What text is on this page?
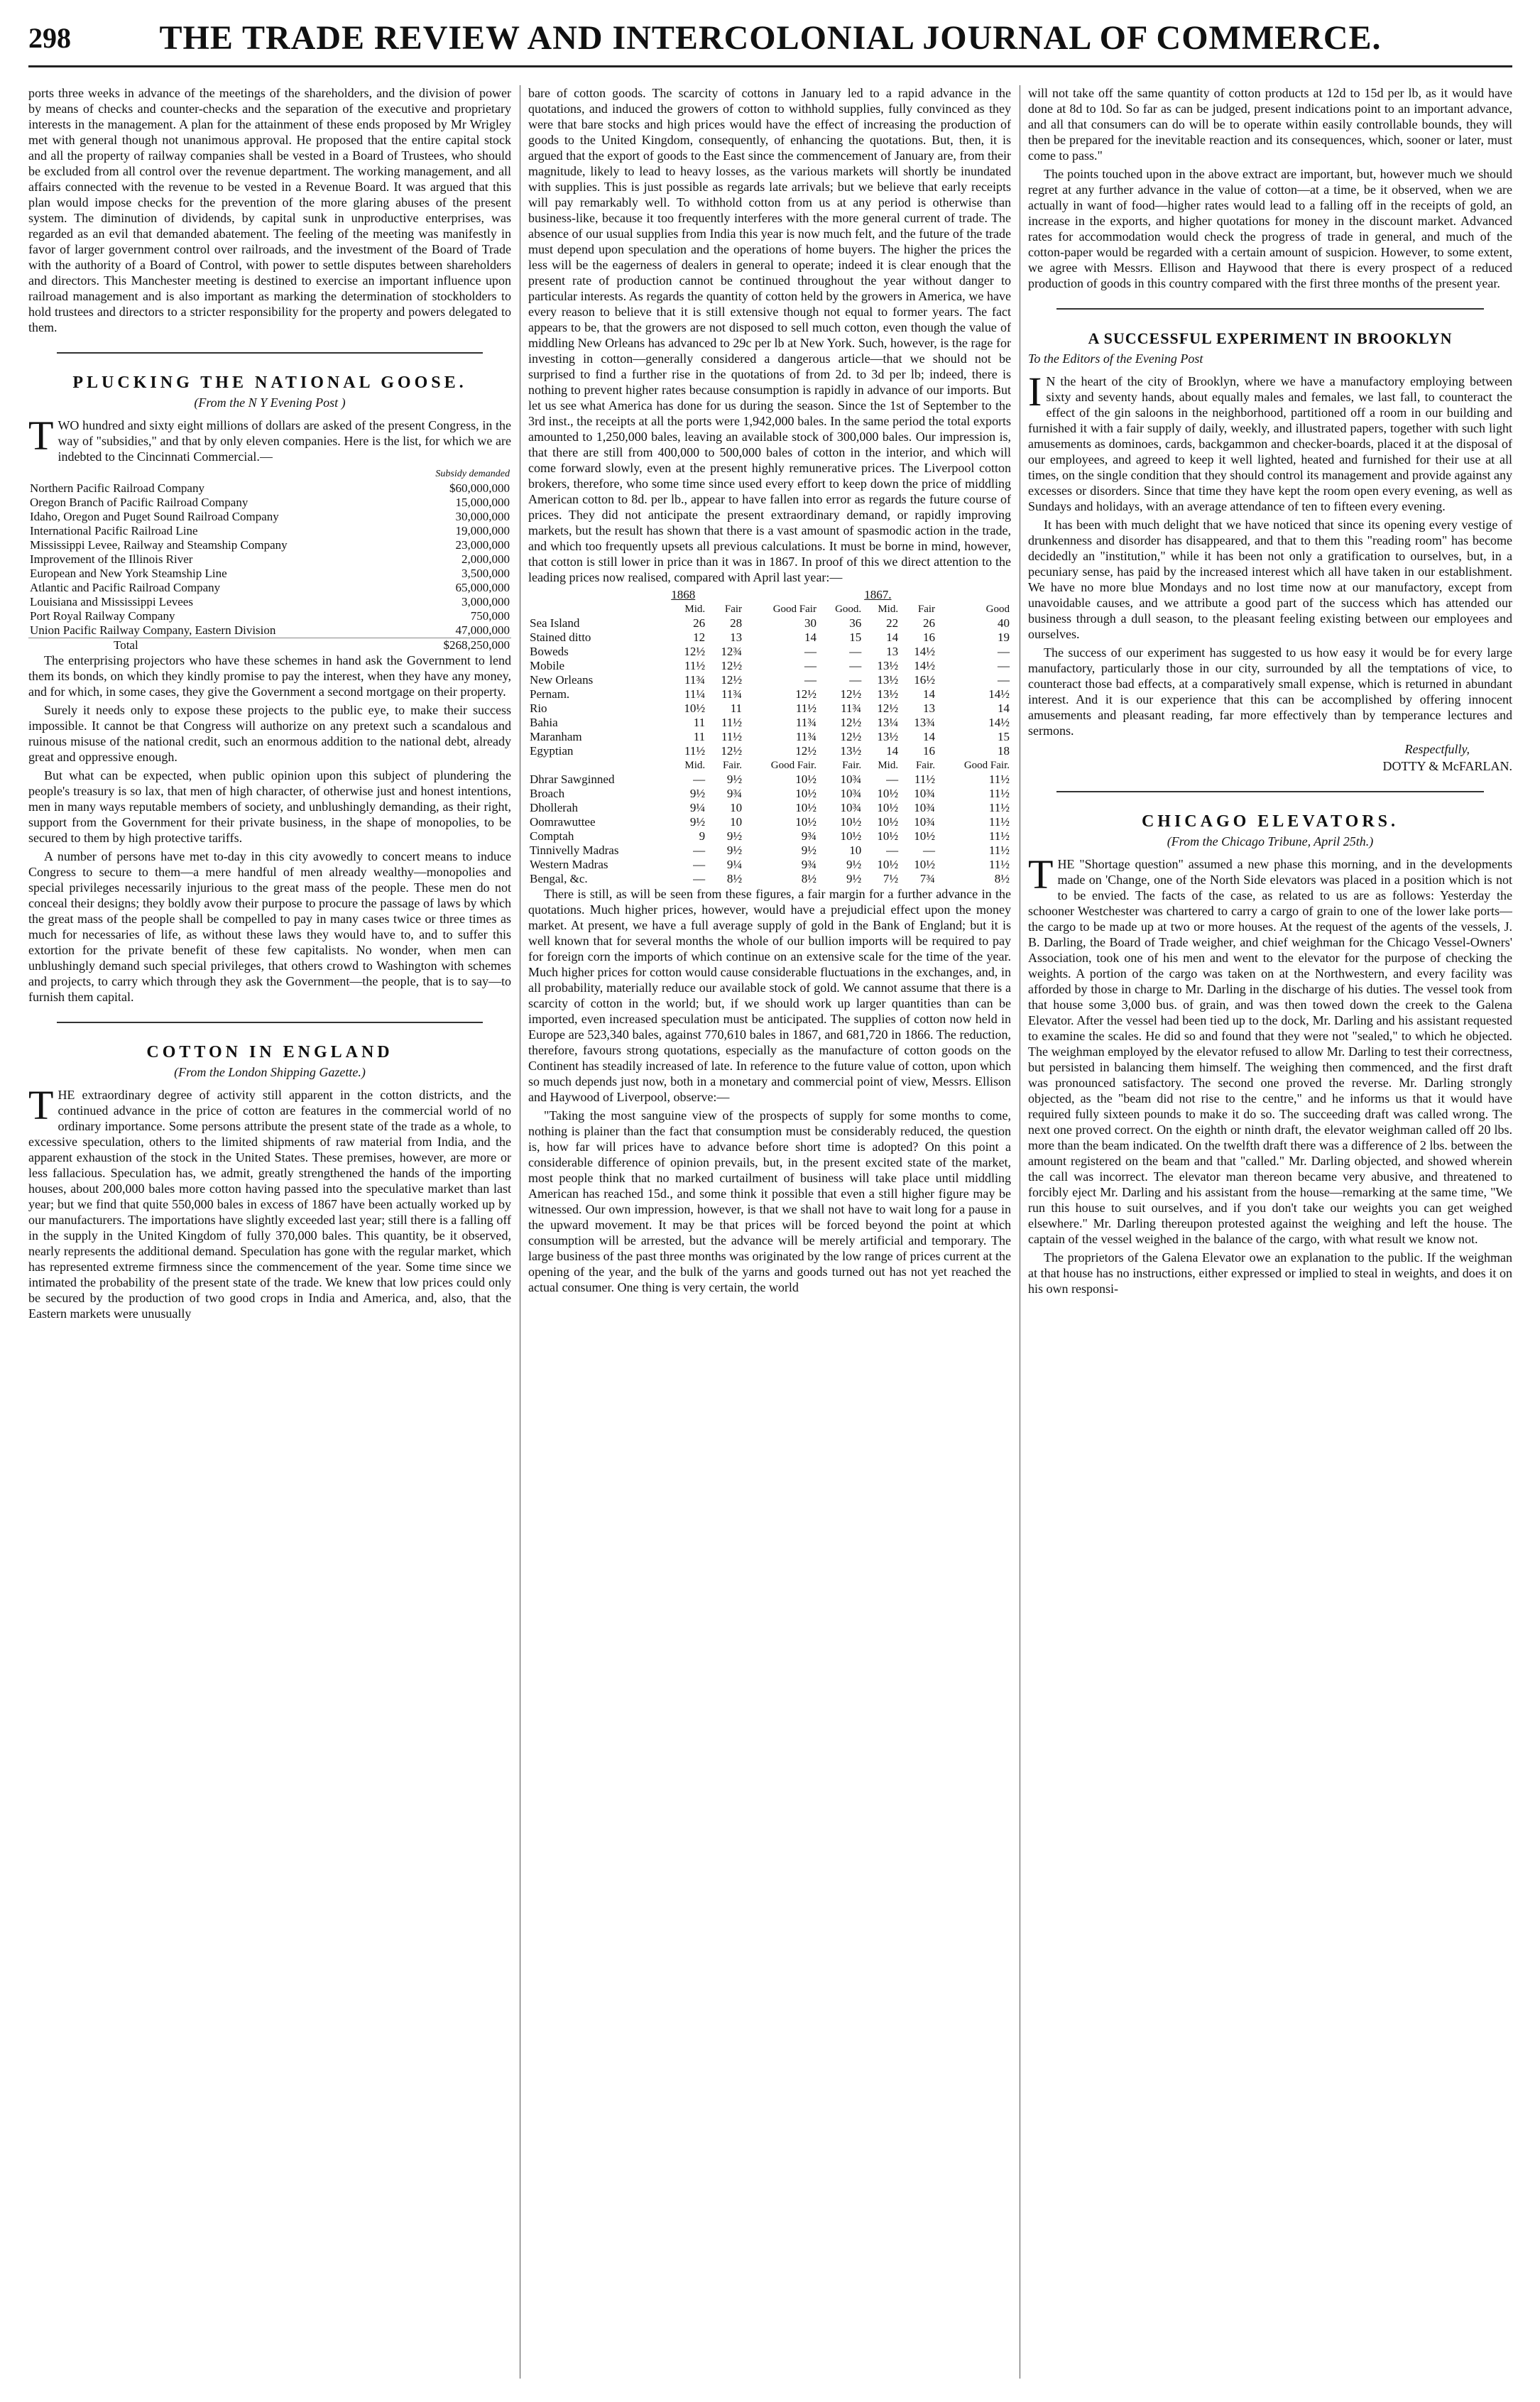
298	THE TRADE REVIEW AND INTERCOLONIAL JOURNAL OF COMMERCE.

ports three weeks in advance of the meetings of the shareholders, and the division of power by means of checks and counter-checks and the separation of the executive and proprietary interests in the management. A plan for the attainment of these ends proposed by Mr Wrigley met with general though not unanimous approval. He proposed that the entire capital stock and all the property of railway companies shall be vested in a Board of Trustees, who should be excluded from all control over the revenue department. The working management, and all affairs connected with the revenue to be vested in a Revenue Board. It was argued that this plan would impose checks for the prevention of the more glaring abuses of the present system. The diminution of dividends, by capital sunk in unproductive enterprises, was regarded as an evil that demanded abatement. The feeling of the meeting was manifestly in favor of larger government control over railroads, and the investment of the Board of Trade with the authority of a Board of Control, with power to settle disputes between shareholders and directors. This Manchester meeting is destined to exercise an important influence upon railroad management and is also important as marking the determination of stockholders to hold trustees and directors to a stricter responsibility for the property and powers delegated to them.

PLUCKING THE NATIONAL GOOSE.
(From the N Y Evening Post )

TWO hundred and sixty eight millions of dollars are asked of the present Congress, in the way of "subsidies," and that by only eleven companies. Here is the list, for which we are indebted to the Cincinnati Commercial.—

	Subsidy demanded
Northern Pacific Railroad Company	$60,000,000
Oregon Branch of Pacific Railroad Company	15,000,000
Idaho, Oregon and Puget Sound Railroad Company	30,000,000
International Pacific Railroad Line	19,000,000
Mississippi Levee, Railway and Steamship Company	23,000,000
Improvement of the Illinois River	2,000,000
European and New York Steamship Line	3,500,000
Atlantic and Pacific Railroad Company	65,000,000
Louisiana and Mississippi Levees	3,000,000
Port Royal Railway Company	750,000
Union Pacific Railway Company, Eastern Division	47,000,000
Total	$268,250,000

The enterprising projectors who have these schemes in hand ask the Government to lend them its bonds, on which they kindly promise to pay the interest, when they have any money, and for which, in some cases, they give the Government a second mortgage on their property.

Surely it needs only to expose these projects to the public eye, to make their success impossible. It cannot be that Congress will authorize on any pretext such a scandalous and ruinous misuse of the national credit, such an enormous addition to the national debt, already great and oppressive enough.

But what can be expected, when public opinion upon this subject of plundering the people's treasury is so lax, that men of high character, of otherwise just and honest intentions, men in many ways reputable members of society, and unblushingly demanding, as their right, support from the Government for their private business, in the shape of monopolies, to be secured to them by high protective tariffs.

A number of persons have met to-day in this city avowedly to concert means to induce Congress to secure to them—a mere handful of men already wealthy—monopolies and special privileges necessarily injurious to the great mass of the people. These men do not conceal their designs; they boldly avow their purpose to procure the passage of laws by which the great mass of the people shall be compelled to pay in many cases twice or three times as much for necessaries of life, as without these laws they would have to, and to suffer this extortion for the private benefit of these few capitalists. No wonder, when men can unblushingly demand such special privileges, that others crowd to Washington with schemes and projects, to carry which through they ask the Government—the people, that is to say—to furnish them capital.

COTTON IN ENGLAND
(From the London Shipping Gazette.)

THE extraordinary degree of activity still apparent in the cotton districts, and the continued advance in the price of cotton are features in the commercial world of no ordinary importance. Some persons attribute the present state of the trade as a whole, to excessive speculation, others to the limited shipments of raw material from India, and the apparent exhaustion of the stock in the United States. These premises, however, are more or less fallacious. Speculation has, we admit, greatly strengthened the hands of the importing houses, about 200,000 bales more cotton having passed into the speculative market than last year; but we find that quite 550,000 bales in excess of 1867 have been actually worked up by our manufacturers. The importations have slightly exceeded last year; still there is a falling off in the supply in the United Kingdom of fully 370,000 bales. This quantity, be it observed, nearly represents the additional demand. Speculation has gone with the regular market, which has represented extreme firmness since the commencement of the year. Some time since we intimated the probability of the present state of the trade. We knew that low prices could only be secured by the production of two good crops in India and America, and, also, that the Eastern markets were unusually

bare of cotton goods. The scarcity of cottons in January led to a rapid advance in the quotations, and induced the growers of cotton to withhold supplies, fully convinced as they were that bare stocks and high prices would have the effect of increasing the production of goods to the United Kingdom, consequently, of enhancing the quotations. But, then, it is argued that the export of goods to the East since the commencement of January are, from their magnitude, likely to lead to heavy losses, as the various markets will shortly be inundated with supplies. This is just possible as regards late arrivals; but we believe that early receipts will pay remarkably well. To withhold cotton from us at any period is otherwise than business-like, because it too frequently interferes with the more general current of trade. The absence of our usual supplies from India this year is now much felt, and the future of the trade must depend upon speculation and the operations of home buyers. The higher the prices the less will be the eagerness of dealers in general to operate; indeed it is clear enough that the present rate of production cannot be continued throughout the year without danger to particular interests. As regards the quantity of cotton held by the growers in America, we have every reason to believe that it is still extensive though not equal to former years. The fact appears to be, that the growers are not disposed to sell much cotton, even though the value of middling New Orleans has advanced to 29c per lb at New York. Such, however, is the rage for investing in cotton—generally considered a dangerous article—that we should not be surprised to find a further rise in the quotations of from 2d. to 3d per lb; indeed, there is nothing to prevent higher rates because consumption is rapidly in advance of our imports. But let us see what America has done for us during the season. Since the 1st of September to the 3rd inst., the receipts at all the ports were 1,942,000 bales. In the same period the total exports amounted to 1,250,000 bales, leaving an available stock of 300,000 bales. Our impression is, that there are still from 400,000 to 500,000 bales of cotton in the interior, and which will come forward slowly, even at the present highly remunerative prices. The Liverpool cotton brokers, therefore, who some time since used every effort to keep down the price of middling American cotton to 8d. per lb., appear to have fallen into error as regards the future course of prices. They did not anticipate the present extraordinary demand, or rapidly improving markets, but the result has shown that there is a vast amount of spasmodic action in the trade, and which too frequently upsets all previous calculations. It must be borne in mind, however, that cotton is still lower in price than it was in 1867. In proof of this we direct attention to the leading prices now realised, compared with April last year:—

	1868				1867.		
	Mid.	Fair	Good Fair	Good.	Mid.	Fair	Good
Sea Island	26	28	30	36	22	26	40
Stained ditto	12	13	14	15	14	16	19
Boweds	12½	12¾	—	—	13	14½	—
Mobile	11½	12½	—	—	13½	14½	—
New Orleans	11¾	12½	—	—	13½	16½	—
Pernam.	11¼	11¾	12½	12½	13½	14	14½
Rio	10½	11	11½	11¾	12½	13	14
Bahia	11	11½	11¾	12½	13¼	13¾	14½
Maranham	11	11½	11¾	12½	13½	14	15
Egyptian	11½	12½	12½	13½	14	16	18
	Mid.	Fair.	Good Fair.	Fair.	Mid.	Fair.	Good Fair.
Dhrar Sawginned	—	9½	10½	10¾	—	11½	11½
Broach	9½	9¾	10½	10¾	10½	10¾	11½
Dhollerah	9¼	10	10½	10¾	10½	10¾	11½
Oomrawuttee	9½	10	10½	10½	10½	10¾	11½
Comptah	9	9½	9¾	10½	10½	10½	11½
Tinnivelly Madras	—	9½	9½	10	—	—	11½
Western Madras	—	9¼	9¾	9½	10½	10½	11½
Bengal, &c.	—	8½	8½	9½	7½	7¾	8½

There is still, as will be seen from these figures, a fair margin for a further advance in the quotations. Much higher prices, however, would have a prejudicial effect upon the money market. At present, we have a full average supply of gold in the Bank of England; but it is well known that for several months the whole of our bullion imports will be required to pay for foreign corn the imports of which continue on an extensive scale for the time of the year. Much higher prices for cotton would cause considerable fluctuations in the exchanges, and, in all probability, materially reduce our available stock of gold. We cannot assume that there is a scarcity of cotton in the world; but, if we should work up larger quantities than can be imported, even increased speculation must be anticipated. The supplies of cotton now held in Europe are 523,340 bales, against 770,610 bales in 1867, and 681,720 in 1866. The reduction, therefore, favours strong quotations, especially as the manufacture of cotton goods on the Continent has steadily increased of late. In reference to the future value of cotton, upon which so much depends just now, both in a monetary and commercial point of view, Messrs. Ellison and Haywood of Liverpool, observe:—

"Taking the most sanguine view of the prospects of supply for some months to come, nothing is plainer than the fact that consumption must be considerably reduced, the question is, how far will prices have to advance before short time is adopted? On this point a considerable difference of opinion prevails, but, in the present excited state of the market, most people think that no marked curtailment of business will take place until middling American has reached 15d., and some think it possible that even a still higher figure may be witnessed. Our own impression, however, is that we shall not have to wait long for a pause in the upward movement. It may be that prices will be forced beyond the point at which consumption will be arrested, but the advance will be merely artificial and temporary. The large business of the past three months was originated by the low range of prices current at the opening of the year, and the bulk of the yarns and goods turned out has not yet reached the actual consumer. One thing is very certain, the world

will not take off the same quantity of cotton products at 12d to 15d per lb, as it would have done at 8d to 10d. So far as can be judged, present indications point to an important advance, and all that consumers can do will be to operate within easily controllable bounds, they will then be prepared for the inevitable reaction and its consequences, which, sooner or later, must come to pass."

The points touched upon in the above extract are important, but, however much we should regret at any further advance in the value of cotton—at a time, be it observed, when we are actually in want of food—higher rates would lead to a falling off in the receipts of gold, an increase in the exports, and higher quotations for money in the discount market. Advanced rates for accommodation would check the progress of trade in general, and much of the cotton-paper would be regarded with a certain amount of suspicion. However, to some extent, we agree with Messrs. Ellison and Haywood that there is every prospect of a reduced production of goods in this country compared with the first three months of the present year.

A SUCCESSFUL EXPERIMENT IN BROOKLYN
To the Editors of the Evening Post

I N the heart of the city of Brooklyn, where we have a manufactory employing between sixty and seventy hands, about equally males and females, we last fall, to counteract the effect of the gin saloons in the neighborhood, partitioned off a room in our building and furnished it with a fair supply of daily, weekly, and illustrated papers, together with such light amusements as dominoes, cards, backgammon and checker-boards, placed it at the disposal of our employees, and agreed to keep it well lighted, heated and furnished for their use at all times, on the single condition that they should control its management and provide against any excesses or disorders. Since that time they have kept the room open every evening, as well as Sundays and holidays, with an average attendance of ten to fifteen every evening.

It has been with much delight that we have noticed that since its opening every vestige of drunkenness and disorder has disappeared, and that to them this "reading room" has become decidedly an "institution," while it has been not only a gratification to ourselves, but, in a pecuniary sense, has paid by the increased interest which all have taken in our establishment. We have no more blue Mondays and no lost time now at our manufactory, except from unavoidable causes, and we attribute a good part of the success which has attended our business through a dull season, to the pleasant feeling existing between our employees and ourselves.

The success of our experiment has suggested to us how easy it would be for every large manufactory, particularly those in our city, surrounded by all the temptations of vice, to counteract those bad effects, at a comparatively small expense, which is returned in abundant interest. And it is our experience that this can be accomplished by offering innocent amusements and pleasant reading, far more effectively than by temperance lectures and sermons.

Respectfully,
DOTTY & McFARLAN.
CHICAGO ELEVATORS.
(From the Chicago Tribune, April 25th.)

THE "Shortage question" assumed a new phase this morning, and in the developments made on 'Change, one of the North Side elevators was placed in a position which is not to be envied. The facts of the case, as related to us are as follows: Yesterday the schooner Westchester was chartered to carry a cargo of grain to one of the lower lake ports—the cargo to be made up at two or more houses. At the request of the agents of the vessels, J. B. Darling, the Board of Trade weigher, and chief weighman for the Chicago Vessel-Owners' Association, took one of his men and went to the elevator for the purpose of checking the weights. A portion of the cargo was taken on at the Northwestern, and every facility was afforded by those in charge to Mr. Darling in the discharge of his duties. The vessel took from that house some 3,000 bus. of grain, and was then towed down the creek to the Galena Elevator. After the vessel had been tied up to the dock, Mr. Darling and his assistant requested to examine the scales. He did so and found that they were not "sealed," to which he objected. The weighman employed by the elevator refused to allow Mr. Darling to test their correctness, but persisted in balancing them himself. The weighing then commenced, and the first draft was pronounced satisfactory. The second one proved the reverse. Mr. Darling strongly objected, as the "beam did not rise to the centre," and he informs us that it would have required fully sixteen pounds to make it do so. The succeeding draft was called wrong. The next one proved correct. On the eighth or ninth draft, the elevator weighman called off 20 lbs. more than the beam indicated. On the twelfth draft there was a difference of 2 lbs. between the amount registered on the beam and that "called." Mr. Darling objected, and showed wherein the call was incorrect. The elevator man thereon became very abusive, and threatened to forcibly eject Mr. Darling and his assistant from the house—remarking at the same time, "We run this house to suit ourselves, and if you don't take our weights you can get weighed elsewhere." Mr. Darling thereupon protested against the weighing and left the house. The captain of the vessel weighed in the balance of the cargo, with what result we know not.

The proprietors of the Galena Elevator owe an explanation to the public. If the weighman at that house has no instructions, either expressed or implied to steal in weights, and does it on his own responsi-
